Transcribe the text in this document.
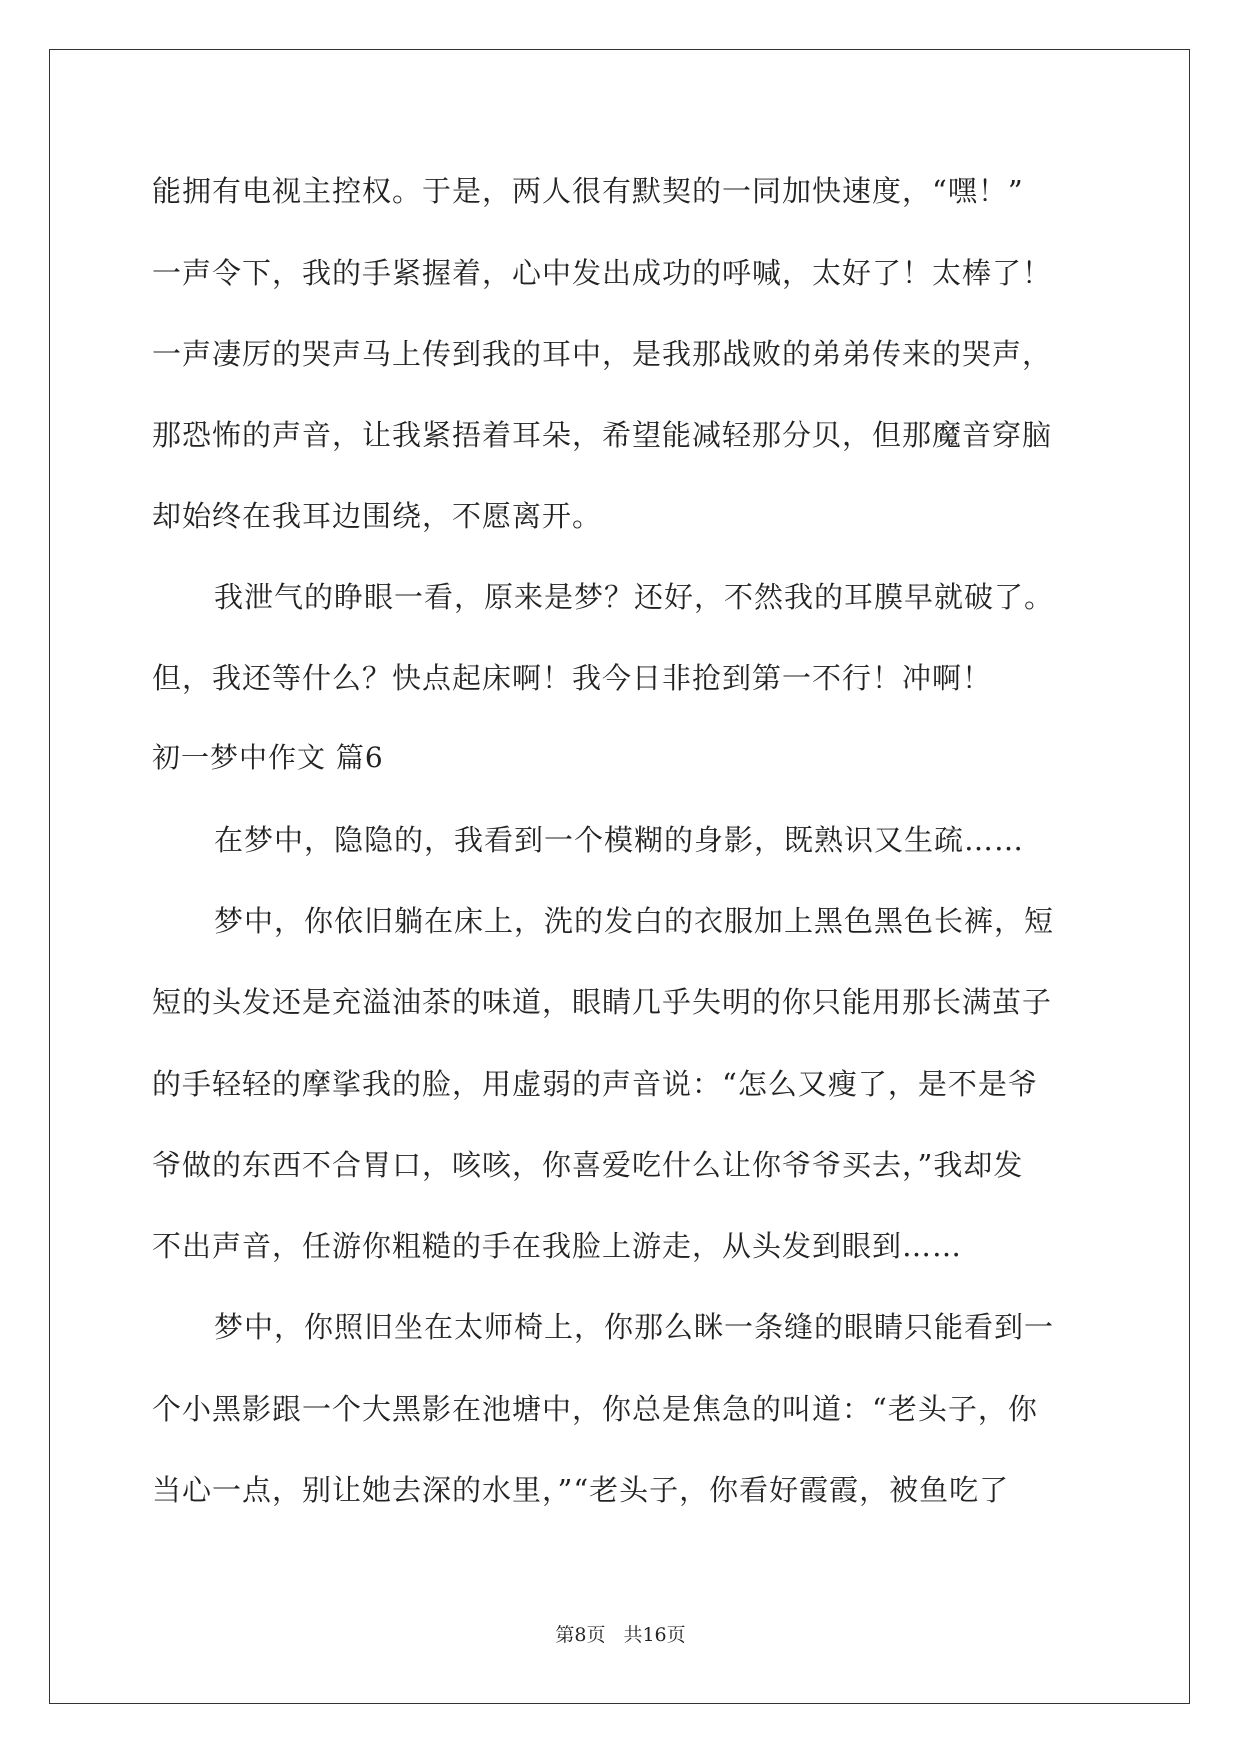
能拥有电视主控权。于是，两人很有默契的一同加快速度，“嘿！”

一声令下，我的手紧握着，心中发出成功的呼喊，太好了！太棒了！

一声凄厉的哭声马上传到我的耳中，是我那战败的弟弟传来的哭声，

那恐怖的声音，让我紧捂着耳朵，希望能减轻那分贝，但那魔音穿脑

却始终在我耳边围绕，不愿离开。

我泄气的睁眼一看，原来是梦？还好，不然我的耳膜早就破了。

但，我还等什么？快点起床啊！我今日非抢到第一不行！冲啊！

初一梦中作文 篇6

在梦中，隐隐的，我看到一个模糊的身影，既熟识又生疏……

梦中，你依旧躺在床上，洗的发白的衣服加上黑色黑色长裤，短

短的头发还是充溢油茶的味道，眼睛几乎失明的你只能用那长满茧子

的手轻轻的摩挲我的脸，用虚弱的声音说：“怎么又瘦了，是不是爷

爷做的东西不合胃口，咳咳，你喜爱吃什么让你爷爷买去，”我却发

不出声音，任游你粗糙的手在我脸上游走，从头发到眼到……

梦中，你照旧坐在太师椅上，你那么眯一条缝的眼睛只能看到一

个小黑影跟一个大黑影在池塘中，你总是焦急的叫道：“老头子，你

当心一点，别让她去深的水里，”“老头子，你看好霞霞，被鱼吃了

第8页 共16页
